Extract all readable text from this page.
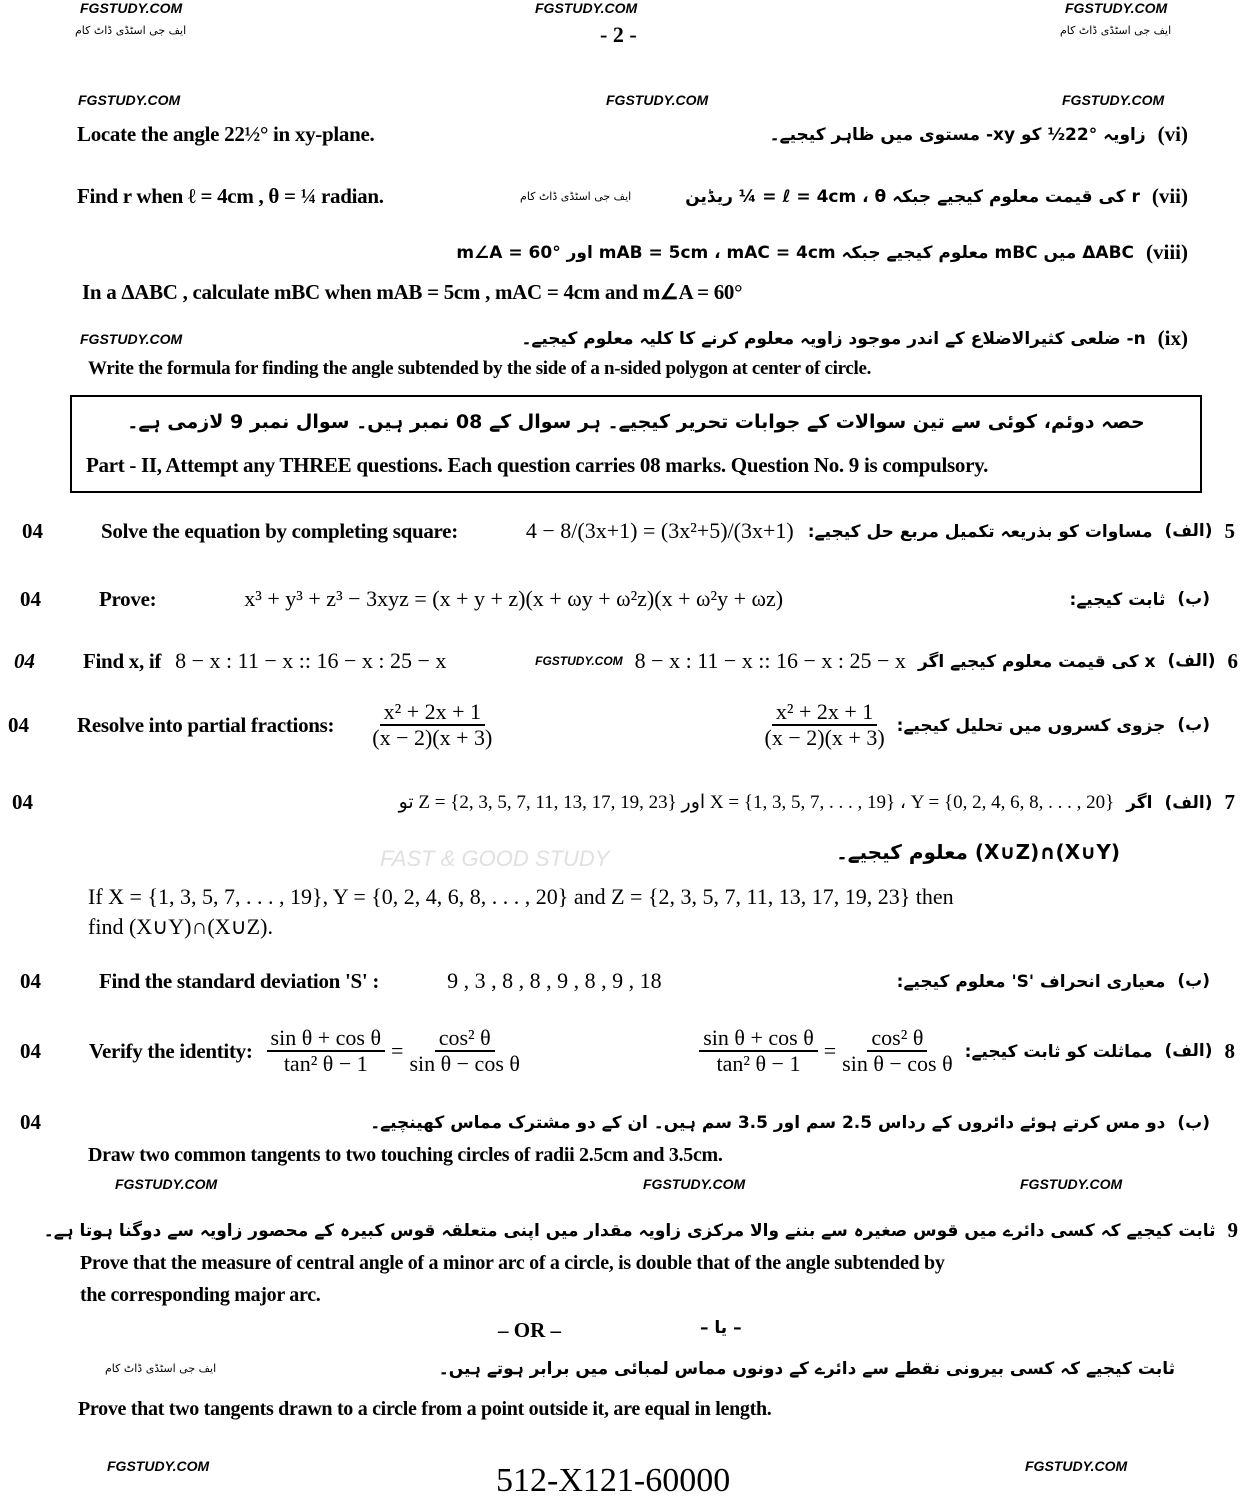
FGSTUDY.COM	FGSTUDY.COM	FGSTUDY.COM
ایف جی اسٹڈی ڈاٹ کام	- 2 -	ایف جی اسٹڈی ڈاٹ کام
FGSTUDY.COM	FGSTUDY.COM	FGSTUDY.COM
Locate the angle 22½° in xy-plane.	زاویہ °22½ کو xy- مستوی میں ظاہر کیجیے۔ (vi)
Find r when ℓ = 4cm , θ = ¼ radian.	ایف جی اسٹڈی ڈاٹ کام	r کی قیمت معلوم کیجیے جبکہ ℓ = 4cm ، θ = ¼ ریڈین (vii)
ΔABC میں mBC معلوم کیجیے جبکہ mAB = 5cm ، mAC = 4cm اور m∠A = 60° (viii)
In a ΔABC , calculate mBC when mAB = 5cm , mAC = 4cm and m∠A = 60°
FGSTUDY.COM	n- ضلعی کثیرالاضلاع کے اندر موجود زاویہ معلوم کرنے کا کلیہ معلوم کیجیے۔ (ix)
Write the formula for finding the angle subtended by the side of a n-sided polygon at center of circle.
حصہ دوئم، کوئی سے تین سوالات کے جوابات تحریر کیجیے۔ ہر سوال کے 08 نمبر ہیں۔ سوال نمبر 9 لازمی ہے۔
Part - II, Attempt any THREE questions. Each question carries 08 marks. Question No. 9 is compulsory.
04	Solve the equation by completing square:	4 − 8/(3x+1) = (3x²+5)/(3x+1) مساوات کو بذریعہ تکمیل مربع حل کیجیے: (الف) 5
04	Prove:	x³ + y³ + z³ − 3xyz = (x + y + z)(x + ωy + ω²z)(x + ω²y + ωz)	ثابت کیجیے: (ب)
04 Find x, if 8 − x : 11 − x :: 16 − x : 25 − x	FGSTUDY.COM 8 − x : 11 − x :: 16 − x : 25 − x x کی قیمت معلوم کیجیے اگر (الف) 6
04 Resolve into partial fractions: $\frac{\text{x² + 2x + 1}}{(x - 2)(x + 3)}$	$\frac{\text{x² + 2x + 1}}{(x - 2)(x + 3)}$ جزوی کسروں میں تحلیل کیجیے: (ب)
04	X = {1, 3, 5, 7, . . . , 19} ، Y = {0, 2, 4, 6, 8, . . . , 20} اور Z = {2, 3, 5, 7, 11, 13, 17, 19, 23} تو اگر (الف) 7
(X∪Y)∩(X∪Z) معلوم کیجیے۔
FAST & GOOD STUDY
If X = {1, 3, 5, 7, . . . , 19}, Y = {0, 2, 4, 6, 8, . . . , 20} and Z = {2, 3, 5, 7, 11, 13, 17, 19, 23} then
find (X∪Y)∩(X∪Z).
04	Find the standard deviation 'S' :	9 , 3 , 8 , 8 , 9 , 8 , 9 , 18	معیاری انحراف 'S' معلوم کیجیے: (ب)
04 Verify the identity: $\frac{\text{sin θ + cos θ}}{\text{tan² θ − 1}} = \frac{\text{cos² θ}}{\text{sin θ − cos θ}}$	$\frac{\text{sin θ + cos θ}}{\text{tan² θ − 1}} = \frac{\text{cos² θ}}{\text{sin θ − cos θ}}$ مماثلت کو ثابت کیجیے: (الف) 8
04	دو مس کرتے ہوئے دائروں کے رداس 2.5 سم اور 3.5 سم ہیں۔ ان کے دو مشترک مماس کھینچیے۔ (ب)
Draw two common tangents to two touching circles of radii 2.5cm and 3.5cm.
FGSTUDY.COM	FGSTUDY.COM	FGSTUDY.COM
ثابت کیجیے کہ کسی دائرے میں قوس صغیرہ سے بننے والا مرکزی زاویہ مقدار میں اپنی متعلقہ قوس کبیرہ کے محصور زاویہ سے دوگنا ہوتا ہے۔ 9
Prove that the measure of central angle of a minor arc of a circle, is double that of the angle subtended by
the corresponding major arc.
– OR –	– یا –
ایف جی اسٹڈی ڈاٹ کام	ثابت کیجیے کہ کسی بیرونی نقطے سے دائرے کے دونوں مماس لمبائی میں برابر ہوتے ہیں۔
Prove that two tangents drawn to a circle from a point outside it, are equal in length.
FGSTUDY.COM	FGSTUDY.COM
512-X121-60000
